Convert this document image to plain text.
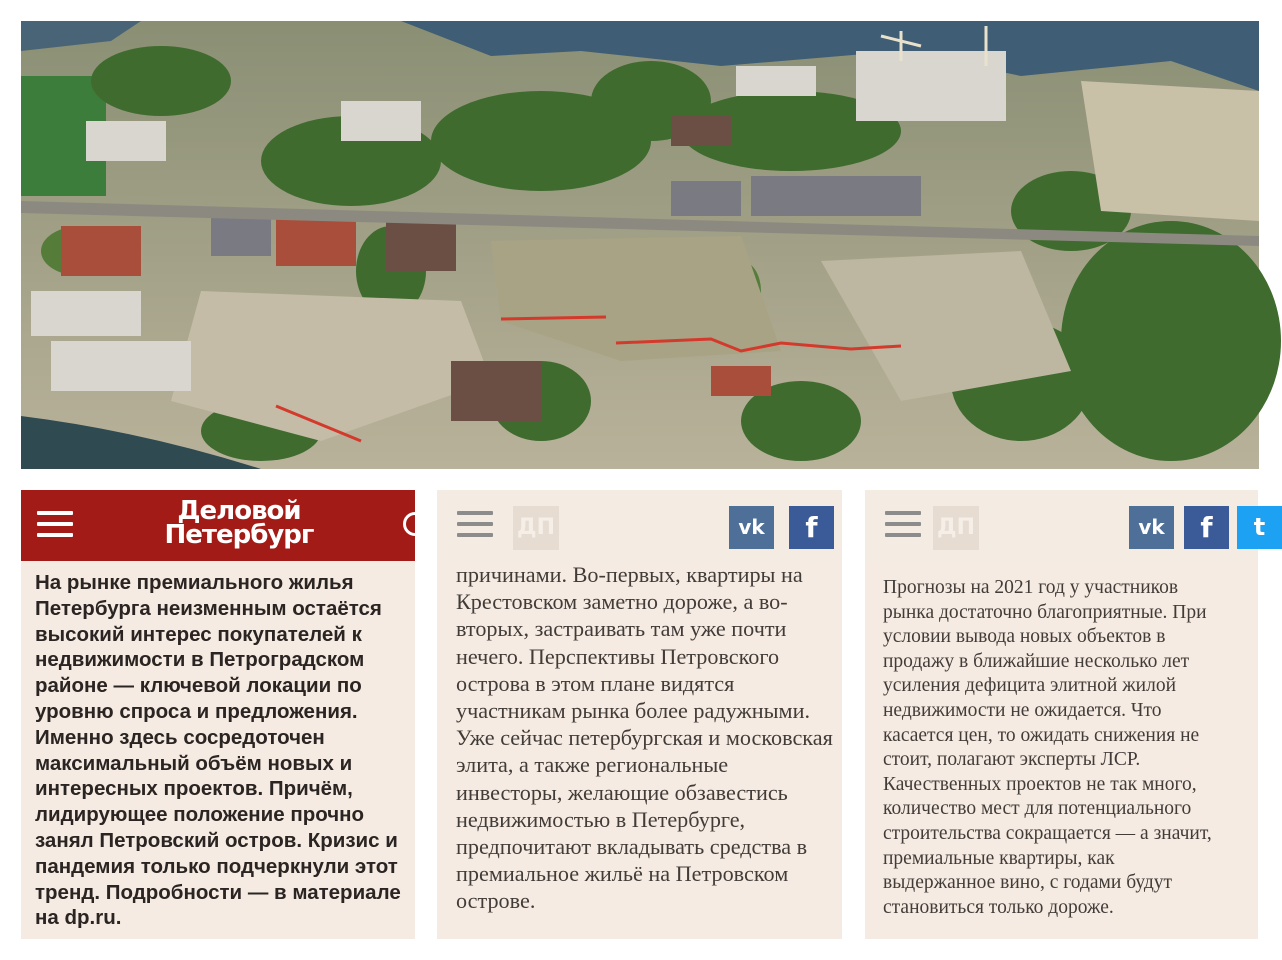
Деловой
Петербург
На рынке премиального жилья
Петербурга неизменным остаётся
высокий интерес покупателей к
недвижимости в Петроградском
районе — ключевой локации по
уровню спроса и предложения.
Именно здесь сосредоточен
максимальный объём новых и
интересных проектов. Причём,
лидирующее положение прочно
занял Петровский остров. Кризис и
пандемия только подчеркнули этот
тренд. Подробности — в материале
на dp.ru.
причинами. Во-первых, квартиры на
Крестовском заметно дороже, а во-
вторых, застраивать там уже почти
нечего. Перспективы Петровского
острова в этом плане видятся
участникам рынка более радужными.
Уже сейчас петербургская и московская
элита, а также региональные
инвесторы, желающие обзавестись
недвижимостью в Петербурге,
предпочитают вкладывать средства в
премиальное жильё на Петровском
острове.
ДП	vk	f	ДП	vk	f	t
Прогнозы на 2021 год у участников
рынка достаточно благоприятные. При
условии вывода новых объектов в
продажу в ближайшие несколько лет
усиления дефицита элитной жилой
недвижимости не ожидается. Что
касается цен, то ожидать снижения не
стоит, полагают эксперты ЛСР.
Качественных проектов не так много,
количество мест для потенциального
строительства сокращается — а значит,
премиальные квартиры, как
выдержанное вино, с годами будут
становиться только дороже.
